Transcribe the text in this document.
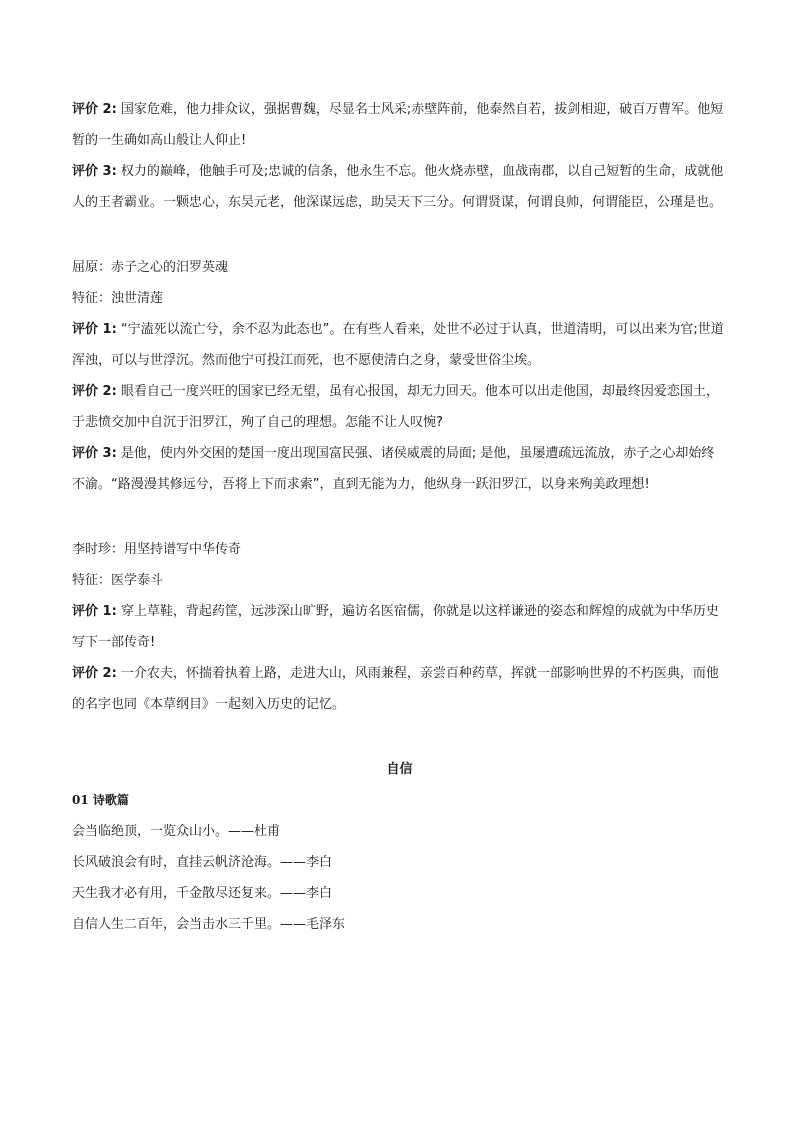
评价 2: 国家危难，他力排众议，强据曹魏，尽显名士风采;赤壁阵前，他泰然自若，拔剑相迎，破百万曹军。他短暂的一生确如高山般让人仰止!

评价 3: 权力的巅峰，他触手可及;忠诚的信条，他永生不忘。他火烧赤壁，血战南郡，以自己短暂的生命，成就他人的王者霸业。一颗忠心，东吴元老，他深谋远虑，助吴天下三分。何谓贤谋，何谓良帅，何谓能臣，公瑾是也。

屈原：赤子之心的汨罗英魂

特征：浊世清莲

评价 1: “宁溘死以流亡兮，余不忍为此态也”。在有些人看来，处世不必过于认真，世道清明，可以出来为官;世道浑浊，可以与世浮沉。然而他宁可投江而死，也不愿使清白之身，蒙受世俗尘埃。

评价 2: 眼看自己一度兴旺的国家已经无望，虽有心报国，却无力回天。他本可以出走他国，却最终因爱恋国土，于悲愤交加中自沉于汨罗江，殉了自己的理想。怎能不让人叹惋?

评价 3: 是他，使内外交困的楚国一度出现国富民强、诸侯威震的局面; 是他，虽屡遭疏远流放，赤子之心却始终不渝。“路漫漫其修远兮，吾将上下而求索”，直到无能为力，他纵身一跃汨罗江，以身来殉美政理想!

李时珍：用坚持谱写中华传奇

特征：医学泰斗

评价 1: 穿上草鞋，背起药筐，远涉深山旷野，遍访名医宿儒，你就是以这样谦逊的姿态和辉煌的成就为中华历史写下一部传奇!

评价 2: 一介农夫，怀揣着执着上路，走进大山，风雨兼程，亲尝百种药草，挥就一部影响世界的不朽医典，而他的名字也同《本草纲目》一起刻入历史的记忆。

自信

01 诗歌篇

会当临绝顶，一览众山小。——杜甫

长风破浪会有时，直挂云帆济沧海。——李白

天生我才必有用，千金散尽还复来。——李白

自信人生二百年，会当击水三千里。——毛泽东
